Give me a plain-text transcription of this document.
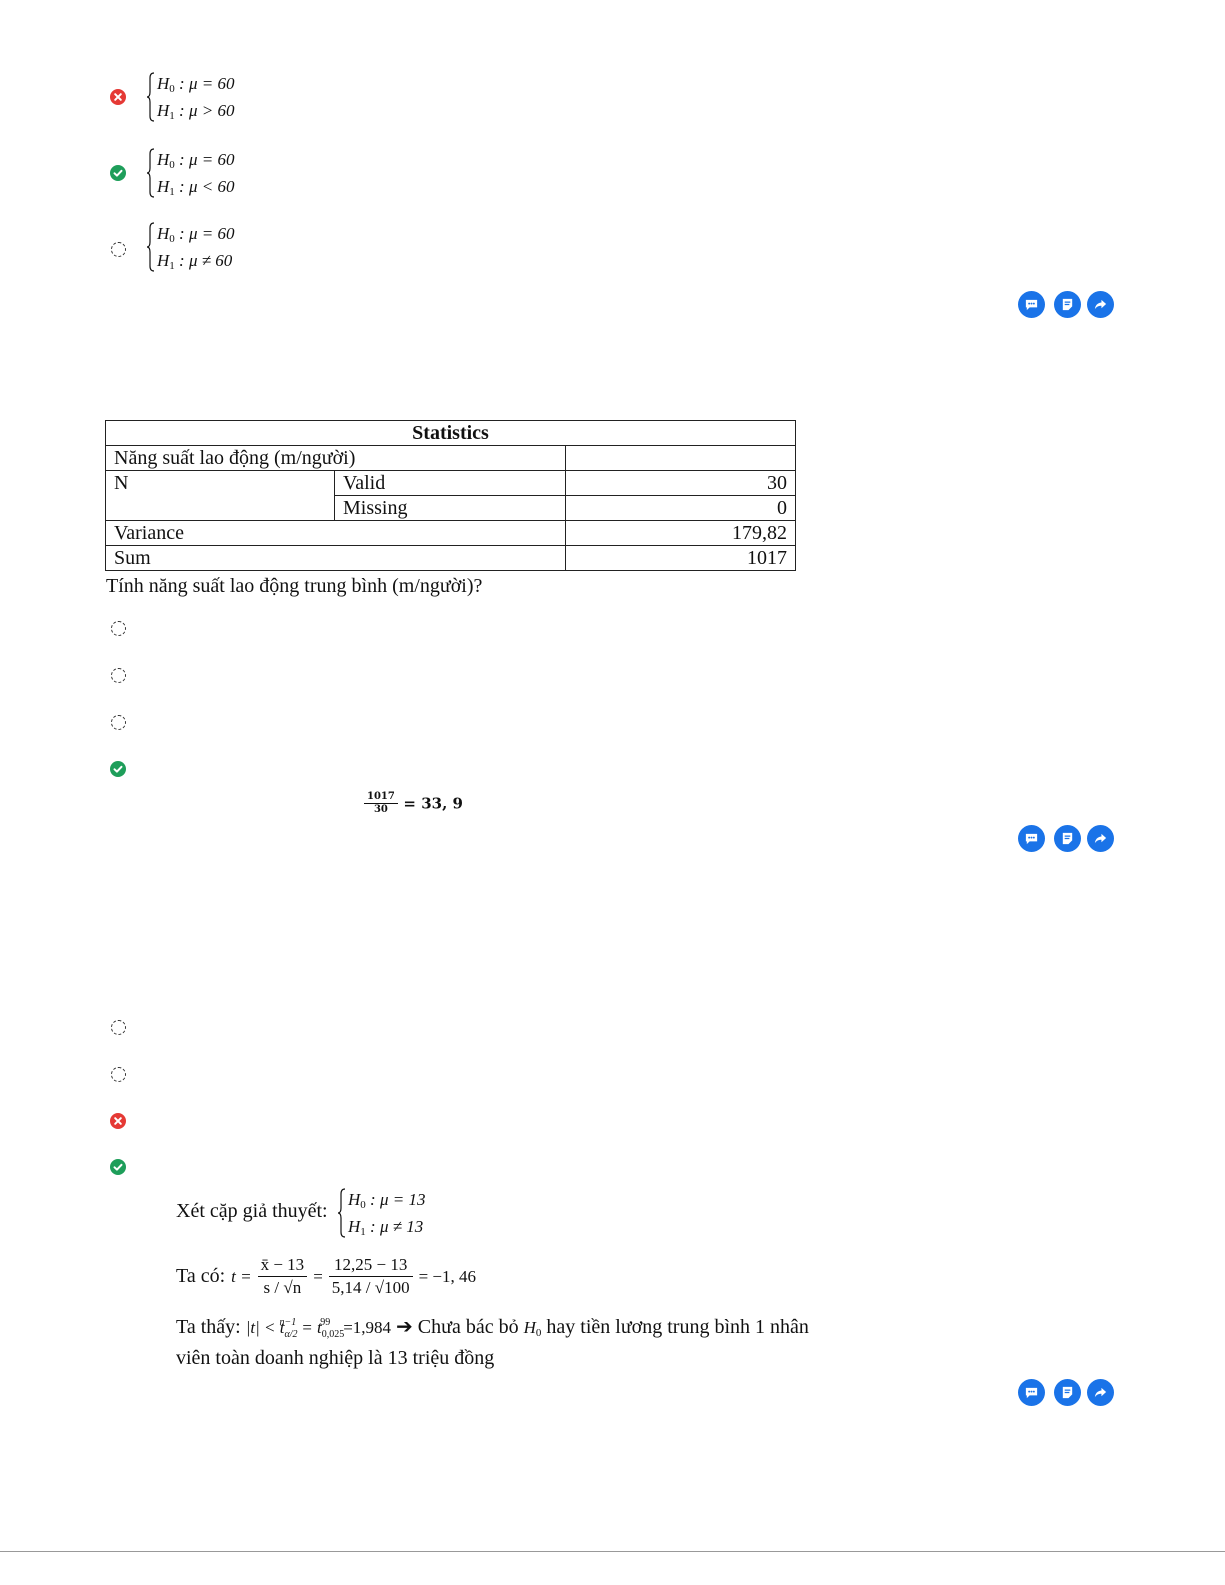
$H_0$ : μ = 60
$H_1$ : μ > 60
$H_0$ : μ = 60
$H_1$ : μ < 60
$H_0$ : μ = 60
$H_1$ : μ ≠ 60
Statistics		
Năng suất lao động (m/người)		
N	Valid	30
	Missing	0
Variance		179,82
Sum		1017
Tính năng suất lao động trung bình (m/người)?
$\frac{1017}{30} = 33$, 9
Xét cặp giả thuyết:
$H_0$ : μ = 13
$H_1$ : μ ≠ 13
Ta có: $t = \frac{x̄ - 13}{s / √n} = \frac{12,25 - 13}{5,14 / √100} = -1$, 46
Ta thấy: $|t| < t_{\alpha/2}^{n-1} = t_{0,025}^{99} =1,984$ ➔ Chưa bác bỏ $H_0$ hay tiền lương trung bình 1 nhân
viên toàn doanh nghiệp là 13 triệu đồng
